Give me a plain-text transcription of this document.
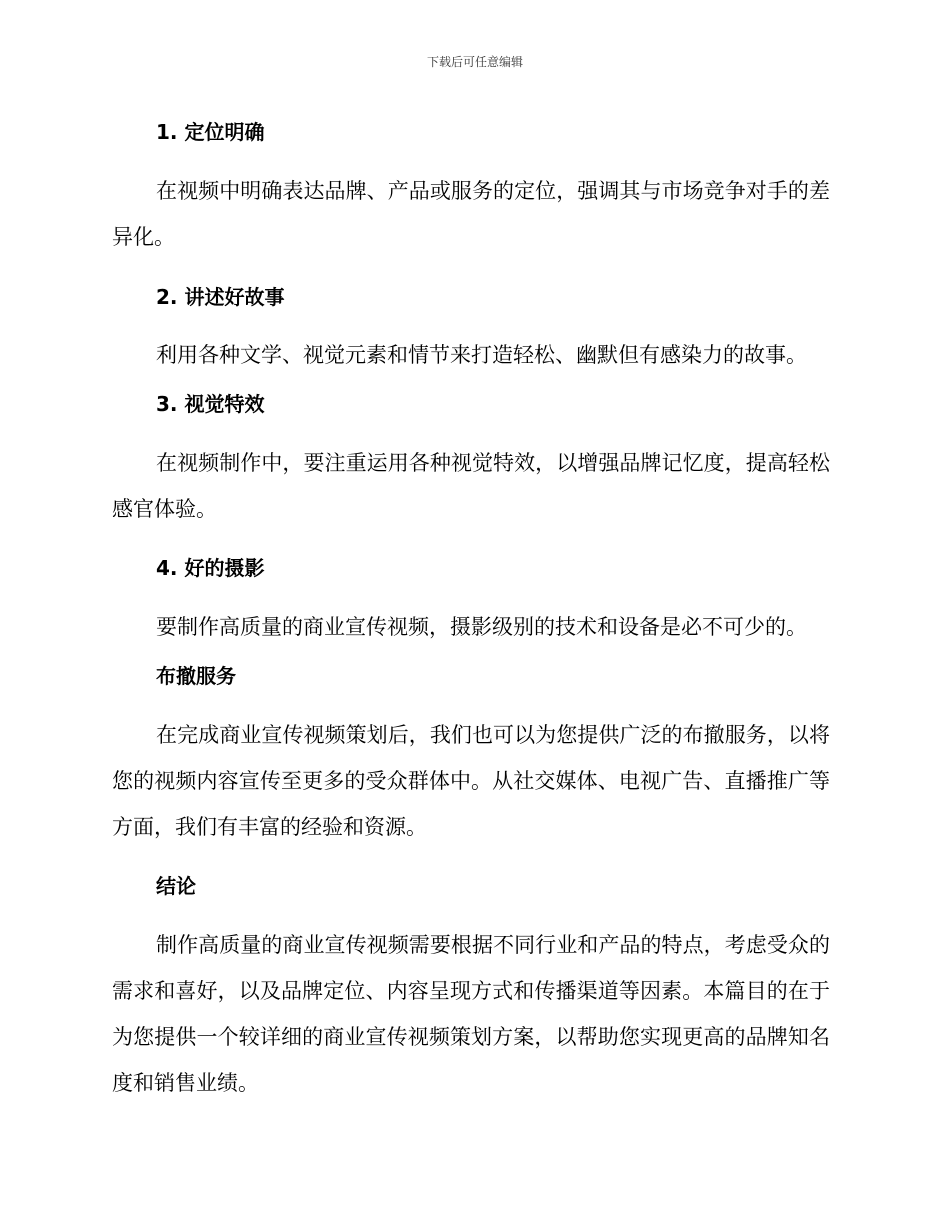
下载后可任意编辑
1. 定位明确

在视频中明确表达品牌、产品或服务的定位，强调其与市场竞争对手的差异化。

2. 讲述好故事

利用各种文学、视觉元素和情节来打造轻松、幽默但有感染力的故事。

3. 视觉特效

在视频制作中，要注重运用各种视觉特效，以增强品牌记忆度，提高轻松感官体验。

4. 好的摄影

要制作高质量的商业宣传视频，摄影级别的技术和设备是必不可少的。

布撤服务

在完成商业宣传视频策划后，我们也可以为您提供广泛的布撤服务，以将您的视频内容宣传至更多的受众群体中。从社交媒体、电视广告、直播推广等方面，我们有丰富的经验和资源。

结论

制作高质量的商业宣传视频需要根据不同行业和产品的特点，考虑受众的需求和喜好，以及品牌定位、内容呈现方式和传播渠道等因素。本篇目的在于为您提供一个较详细的商业宣传视频策划方案，以帮助您实现更高的品牌知名度和销售业绩。
